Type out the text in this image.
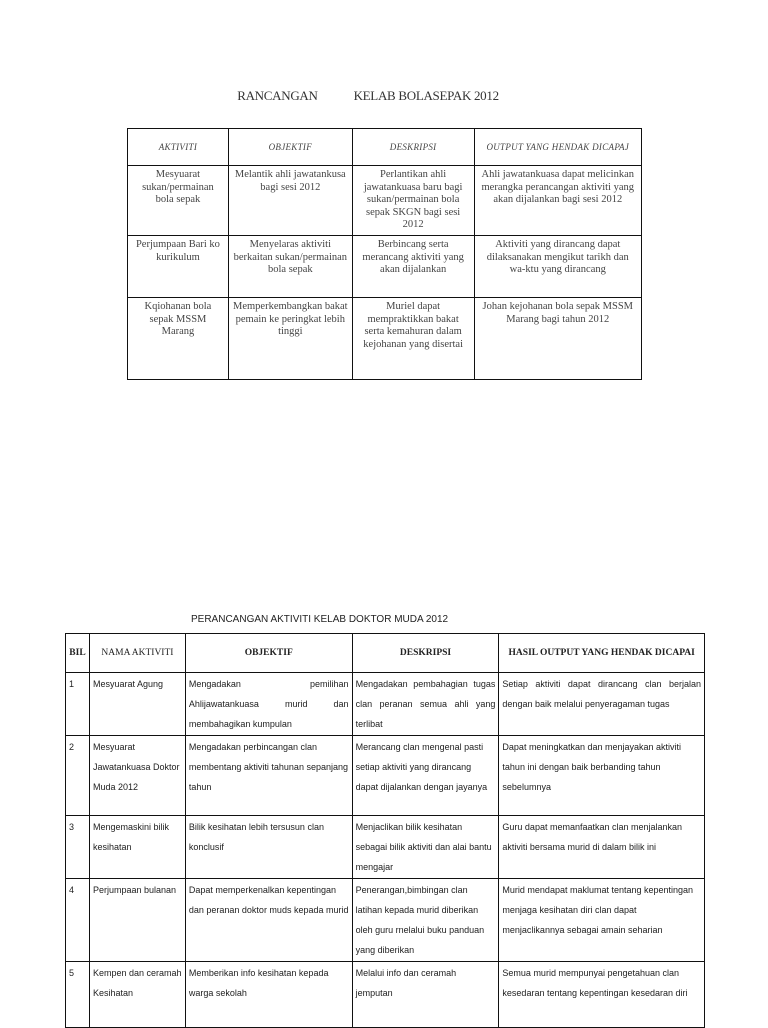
RANCANGAN	KELAB BOLASEPAK 2012
AKTIVITI	OBJEKTIF	DESKRIPSI	OUTPUT YANG HENDAK DICAPAJ
Mesyuarat sukan/permainan bola sepak	Melantik ahli jawatankusa bagi sesi 2012	Perlantikan ahli jawatankuasa baru bagi sukan/permainan bola sepak SKGN bagi sesi 2012	Ahli jawatankuasa dapat melicinkan merangka perancangan aktiviti yang akan dijalankan bagi sesi 2012
Perjumpaan Bari ko kurikulum	Menyelaras aktiviti berkaitan sukan/permainan bola sepak	Berbincang serta merancang aktiviti yang akan dijalankan	Aktiviti yang dirancang dapat dilaksanakan mengikut tarikh dan wa-ktu yang dirancang
Kqiohanan bola sepak MSSM Marang	Memperkembangkan bakat pemain ke peringkat lebih tinggi	Muriel dapat mempraktikkan bakat serta kemahuran dalam kejohanan yang disertai	Johan kejohanan bola sepak MSSM Marang bagi tahun 2012
PERANCANGAN AKTIVITI KELAB DOKTOR MUDA 2012
BIL	NAMA AKTIVITI	OBJEKTIF	DESKRIPSI	HASIL OUTPUT YANG HENDAK DICAPAI
1	Mesyuarat Agung	Mengadakan pemilihan Ahlijawatankuasa murid dan membahagikan kumpulan	Mengadakan pembahagian tugas clan peranan semua ahli yang terlibat	Setiap aktiviti dapat dirancang clan berjalan dengan baik melalui penyeragaman tugas
2	Mesyuarat Jawatankuasa Doktor Muda 2012	Mengadakan perbincangan clan membentang aktiviti tahunan sepanjang tahun	Merancang clan mengenal pasti setiap aktiviti yang dirancang dapat dijalankan dengan jayanya	Dapat meningkatkan dan menjayakan aktiviti tahun ini dengan baik berbanding tahun sebelumnya
3	Mengemaskini bilik kesihatan	Bilik kesihatan lebih tersusun clan konclusif	Menjaclikan bilik kesihatan sebagai bilik aktiviti dan alai bantu mengajar	Guru dapat memanfaatkan clan menjalankan aktiviti bersama murid di dalam bilik ini
4	Perjumpaan bulanan	Dapat memperkenalkan kepentingan dan peranan doktor muds kepada murid	Penerangan,bimbingan clan latihan kepada murid diberikan oleh guru rnelalui buku panduan yang diberikan	Murid mendapat maklumat tentang kepentingan menjaga kesihatan diri clan dapat menjaclikannya sebagai amain seharian
5	Kempen dan ceramah Kesihatan	Memberikan info kesihatan kepada warga sekolah	Melalui info dan ceramah jemputan	Semua murid mempunyai pengetahuan clan kesedaran tentang kepentingan kesedaran diri
